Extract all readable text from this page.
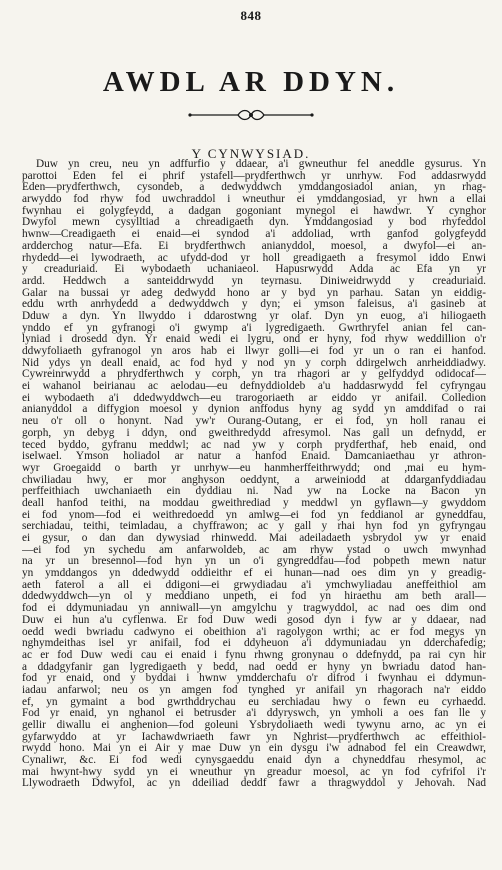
848
AWDL AR DDYN.
Y CYNWYSIAD.
Duw yn creu, neu yn adffurfio y ddaear, a'i gwneuthur fel aneddle gysurus. Yn
parottoi Eden fel ei phrif ystafell—prydferthwch yr unrhyw. Fod addasrwydd
Eden—prydferthwch, cysondeb, a dedwyddwch ymddangosiadol anian, yn rhag-
arwyddo fod rhyw fod uwchraddol i wneuthur ei ymddangosiad, yr hwn a ellai
fwynhau ei golygfeydd, a dadgan gogoniant mynegol ei hawdwr. Y cynghor
Dwyfol mewn cysylltiad a chreadigaeth dyn. Ymddangosiad y bod rhyfeddol
hwnw—Creadigaeth ei enaid—ei syndod a'i addoliad, wrth ganfod golygfeydd
ardderchog natur—Efa. Ei brydferthwch anianyddol, moesol, a dwyfol—ei an-
rhydedd—ei lywodraeth, ac ufydd-dod yr holl greadigaeth a fresymol iddo Enwi
y creaduriaid. Ei wybodaeth uchaniaeol. Hapusrwydd Adda ac Efa yn yr
ardd. Heddwch a santeiddrwydd yn teyrnasu. Diniweidrwydd y creaduriaid.
Galar na bussai yr adeg dedwydd hono ar y byd yn parhau. Satan yn eiddig-
eddu wrth anrhydedd a dedwyddwch y dyn; ei ymson faleisus, a'i gasineb at
Dduw a dyn. Yn llwyddo i ddarostwng yr olaf. Dyn yn euog, a'i hiliogaeth
ynddo ef yn gyfranogi o'i gwymp a'i lygredigaeth. Gwrthryfel anian fel can-
lyniad i drosedd dyn. Yr enaid wedi ei lygru, ond er hyny, fod rhyw weddillion o'r
ddwyfoliaeth gyfranogol yn aros hab ei llwyr golli—ei fod yr un o ran ei hanfod.
Nid ydys yn deall enaid, ac fod hyd y nod yn y corph ddirgelwch anrheiddiadwy.
Cywreinrwydd a phrydferthwch y corph, yn tra rhagori ar y gelfyddyd odidocaf—
ei wahanol beirianau ac aelodau—eu defnyddioldeb a'u haddasrwydd fel cyfryngau
ei wybodaeth a'i ddedwyddwch—eu trarogoriaeth ar eiddo yr anifail. Colledion
anianyddol a diffygion moesol y dynion anffodus hyny ag sydd yn amddifad o rai
neu o'r oll o honynt. Nad yw'r Ourang-Outang, er ei fod, yn holl ranau ei
gorph, yn debyg i ddyn, ond gweithredydd afresymol. Nas gall un defnydd, er
teced byddo, gyfranu meddwl; ac nad yw y corph prydferthaf, heb enaid, ond
iselwael. Ymson holiadol ar natur a hanfod Enaid. Damcaniaethau yr athron-
wyr Groegaidd o barth yr unrhyw—eu hanmherffeithrwydd; ond ,mai eu hym-
chwiliadau hwy, er mor anghyson oeddynt, a arweiniodd at ddarganfyddiadau
perffeithiach uwchaniaeth ein dyddiau ni. Nad yw na Locke na Bacon yn
deall hanfod teithi, na moddau gweithrediad y meddwl yn gyflawn—y gwyddom
ei fod ynom—fod ei weithredoedd yn amlwg—ei fod yn feddianol ar gyneddfau,
serchiadau, teithi, teimladau, a chyffrawon; ac y gall y rhai hyn fod yn gyfryngau
ei gysur, o dan dan dywysiad rhinwedd. Mai adeiladaeth ysbrydol yw yr enaid
—ei fod yn sychedu am anfarwoldeb, ac am rhyw ystad o uwch mwynhad
na yr un bresennol—fod hyn yn un o'i gyngreddfau—fod pobpeth mewn natur
yn ymddangos yn ddedwydd oddieithr ef ei hunan—nad oes dim yn y greadig-
aeth faterol a all ei ddigoni—ei grwydiadau a'i ymchwyliadau aneffeithiol am
ddedwyddwch—yn ol y meddiano unpeth, ei fod yn hiraethu am beth arall—
fod ei ddymuniadau yn anniwall—yn amgylchu y tragwyddol, ac nad oes dim ond
Duw ei hun a'u cyflenwa. Er fod Duw wedi gosod dyn i fyw ar y ddaear, nad
oedd wedi bwriadu cadwyno ei obeithion a'i ragolygon wrthi; ac er fod megys yn
nghymdeithas isel yr anifail, fod ei ddyheuon a'i ddymuniadau yn dderchafedig;
ac er fod Duw wedi cau ei enaid i fynu rhwng gronynau o ddefnydd, pa rai cyn hir
a ddadgyfanir gan lygredigaeth y bedd, nad oedd er hyny yn bwriadu datod han-
fod yr enaid, ond y byddai i hwnw ymdderchafu o'r difrod i fwynhau ei ddymun-
iadau anfarwol; neu os yn amgen fod tynghed yr anifail yn rhagorach na'r eiddo
ef, yn gymaint a bod gwrthddrychau eu serchiadau hwy o fewn eu cyrhaedd.
Fod yr enaid, yn nghanol ei betrusder a'i ddyryswch, yn ymholi a oes fan lle y
gellir diwallu ei anghenion—fod goleuni Ysbrydoliaeth wedi tywynu arno, ac yn ei
gyfarwyddo at yr Iachawdwriaeth fawr yn Nghrist—prydferthwch ac effeithiol-
rwydd hono. Mai yn ei Air y mae Duw yn ein dysgu i'w adnabod fel ein Creawdwr,
Cynaliwr, &c. Ei fod wedi cynysgaeddu enaid dyn a chyneddfau rhesymol, ac
mai hwynt-hwy sydd yn ei wneuthur yn greadur moesol, ac yn fod cyfrifol i'r
Llywodraeth Ddwyfol, ac yn ddeiliad deddf fawr a thragwyddol y Jehovah. Nad
